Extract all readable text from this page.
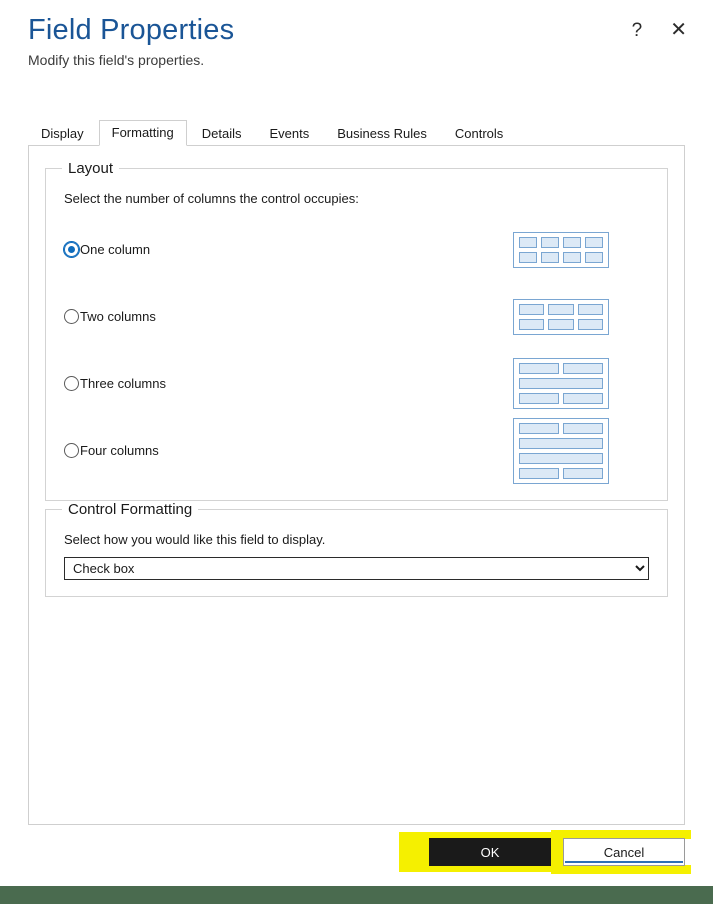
Field Properties
Modify this field's properties.
? ✕
Display	Formatting	Details	Events	Business Rules	Controls
Layout
Select the number of columns the control occupies:
One column
Two columns
Three columns
Four columns
Control Formatting
Select how you would like this field to display.
Check box
OK	Cancel
